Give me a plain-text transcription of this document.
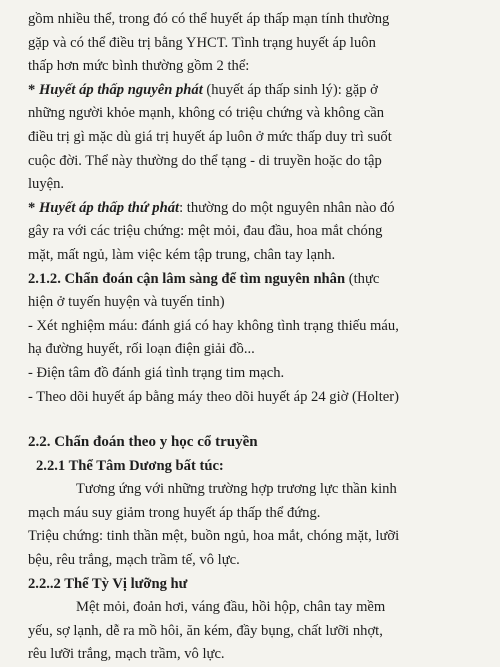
gồm nhiều thể, trong đó có thể huyết áp thấp mạn tính thường
gặp và có thể điều trị bằng YHCT. Tình trạng huyết áp luôn
thấp hơn mức bình thường gồm 2 thể:
* Huyết áp thấp nguyên phát (huyết áp thấp sinh lý): gặp ở
những người khỏe mạnh, không có triệu chứng và không cần
điều trị gì mặc dù giá trị huyết áp luôn ở mức thấp duy trì suốt
cuộc đời. Thể này thường do thể tạng - di truyền hoặc do tập
luyện.
* Huyết áp thấp thứ phát: thường do một nguyên nhân nào đó
gây ra với các triệu chứng: mệt mỏi, đau đầu, hoa mắt chóng
mặt, mất ngủ, làm việc kém tập trung, chân tay lạnh.
2.1.2. Chẩn đoán cận lâm sàng để tìm nguyên nhân (thực
hiện ở tuyến huyện và tuyến tỉnh)
- Xét nghiệm máu: đánh giá có hay không tình trạng thiếu máu,
hạ đường huyết, rối loạn điện giải đồ...
- Điện tâm đồ đánh giá tình trạng tim mạch.
- Theo dõi huyết áp bằng máy theo dõi huyết áp 24 giờ (Holter)
2.2. Chẩn đoán theo y học cổ truyền
2.2.1 Thể Tâm Dương bất túc:
Tương ứng với những trường hợp trương lực thần kinh
mạch máu suy giảm trong huyết áp thấp thể đứng.
Triệu chứng: tinh thần mệt, buồn ngủ, hoa mắt, chóng mặt, lưỡi
bệu, rêu trắng, mạch trầm tế, vô lực.
2.2..2 Thể Tỳ Vị lưỡng hư
Mệt mỏi, đoản hơi, váng đầu, hồi hộp, chân tay mềm
yếu, sợ lạnh, dễ ra mồ hôi, ăn kém, đầy bụng, chất lưỡi nhợt,
rêu lưỡi trắng, mạch trầm, vô lực.
